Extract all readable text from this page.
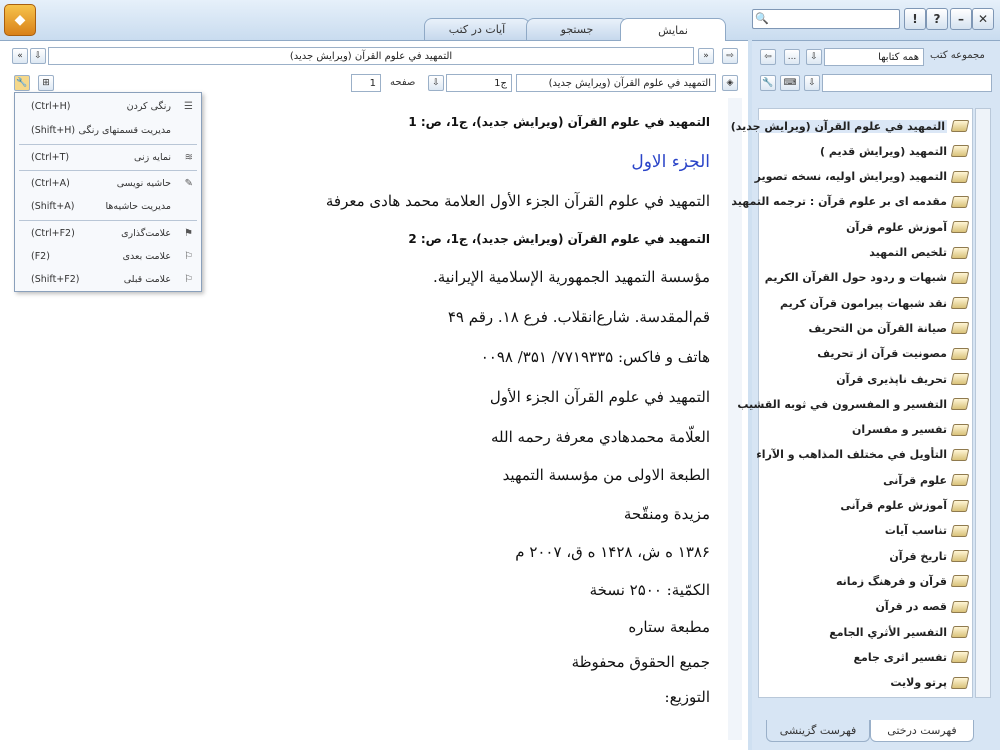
◆
آیات در کتب	جستجو	نمایش
🔍	!	?	–	✕
«	⇩	التمهيد في علوم القرآن (ويرايش جديد)	»	⇨
🔧	⊞	1 صفحه	⇩	ج1	التمهيد في علوم القرآن (ويرايش جديد)	◈
التمهيد في علوم القرآن (ويرايش جديد)، ج1، ص: 1
الجزء الاول
التمهيد في علوم القرآن الجزء الأول العلامة محمد هادی معرفة
التمهيد في علوم القرآن (ويرايش جديد)، ج1، ص: 2
مؤسسة التمهيد الجمهورية الإسلامية الإيرانية.
قم‌المقدسة. شارع‌انقلاب. فرع ۱۸. رقم ۴۹
هاتف و فاكس: ۷۷۱۹۳۳۵/ ۳۵۱/ ۰۰۹۸
التمهيد في علوم القرآن الجزء الأول
العلّامة محمدهادي معرفة رحمه الله
الطبعة الاولى من مؤسسة التمهيد
مزيدة ومنقّحة
۱۳۸۶ ه ش، ۱۴۲۸ ه ق، ۲۰۰۷ م
الكمّية: ۲۵۰۰ نسخة
مطبعة ستاره
جميع الحقوق محفوظة
التوزيع:
(Ctrl+H)	رنگی کردن ☰
(Shift+H) مديريت قسمتهای رنگی
(Ctrl+T)	نمايه زنی ≋
(Ctrl+A)	حاشيه نويسی ✎
(Shift+A)	مديريت حاشيه‌ها
(Ctrl+F2)	علامت‌گذاری ⚑
(F2)	علامت بعدی ⚐
(Shift+F2)	علامت قبلی ⚐
مجموعه کتب
⇦	...	⇩	همه کتابها
🔧	⌨	⇩
التمهيد في علوم القرآن (ويرايش جديد)
التمهيد (ويرايش قديم )
التمهيد (ويرايش اوليه، نسخه تصوير
مقدمه ای بر علوم قرآن : ترجمه التمهيد
آموزش علوم قرآن
تلخيص التمهيد
شبهات و ردود حول القرآن الكريم
نقد شبهات پيرامون قرآن كريم
صيانة القرآن من التحريف
مصونيت قرآن از تحريف
تحريف ناپذيری قرآن
التفسير و المفسرون في ثوبه القشيب
تفسير و مفسران
التأويل في مختلف المذاهب و الآراء
علوم قرآنی
آموزش علوم قرآنی
تناسب آيات
تاريخ قرآن
قرآن و فرهنگ زمانه
قصه در قرآن
التفسير الأثري الجامع
تفسير اثری جامع
پرتو ولايت
فهرست درختی
فهرست گزينشی
